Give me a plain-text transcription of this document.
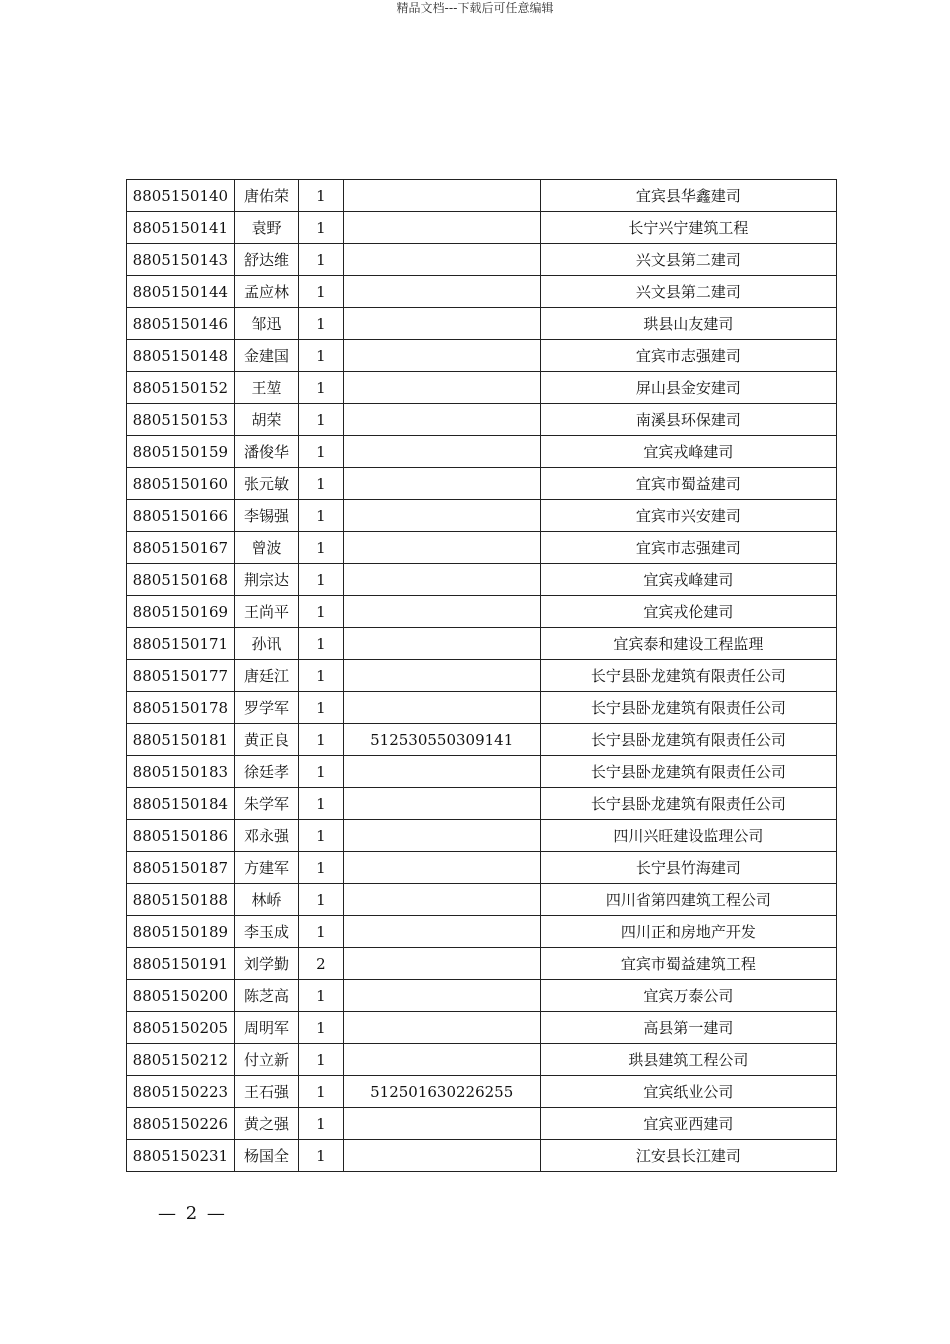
精品文档---下载后可任意编辑
8805150140	唐佑荣	1		宜宾县华鑫建司
8805150141	袁野	1		长宁兴宁建筑工程
8805150143	舒达维	1		兴文县第二建司
8805150144	孟应林	1		兴文县第二建司
8805150146	邹迅	1		珙县山友建司
8805150148	金建国	1		宜宾市志强建司
8805150152	王堃	1		屏山县金安建司
8805150153	胡荣	1		南溪县环保建司
8805150159	潘俊华	1		宜宾戎峰建司
8805150160	张元敏	1		宜宾市蜀益建司
8805150166	李锡强	1		宜宾市兴安建司
8805150167	曾波	1		宜宾市志强建司
8805150168	荆宗达	1		宜宾戎峰建司
8805150169	王尚平	1		宜宾戎伦建司
8805150171	孙讯	1		宜宾泰和建设工程监理
8805150177	唐廷江	1		长宁县卧龙建筑有限责任公司
8805150178	罗学军	1		长宁县卧龙建筑有限责任公司
8805150181	黄正良	1	512530550309141	长宁县卧龙建筑有限责任公司
8805150183	徐廷孝	1		长宁县卧龙建筑有限责任公司
8805150184	朱学军	1		长宁县卧龙建筑有限责任公司
8805150186	邓永强	1		四川兴旺建设监理公司
8805150187	方建军	1		长宁县竹海建司
8805150188	林峤	1		四川省第四建筑工程公司
8805150189	李玉成	1		四川正和房地产开发
8805150191	刘学勤	2		宜宾市蜀益建筑工程
8805150200	陈芝高	1		宜宾万泰公司
8805150205	周明军	1		高县第一建司
8805150212	付立新	1		珙县建筑工程公司
8805150223	王石强	1	512501630226255	宜宾纸业公司
8805150226	黄之强	1		宜宾亚西建司
8805150231	杨国全	1		江安县长江建司
— 2 —
